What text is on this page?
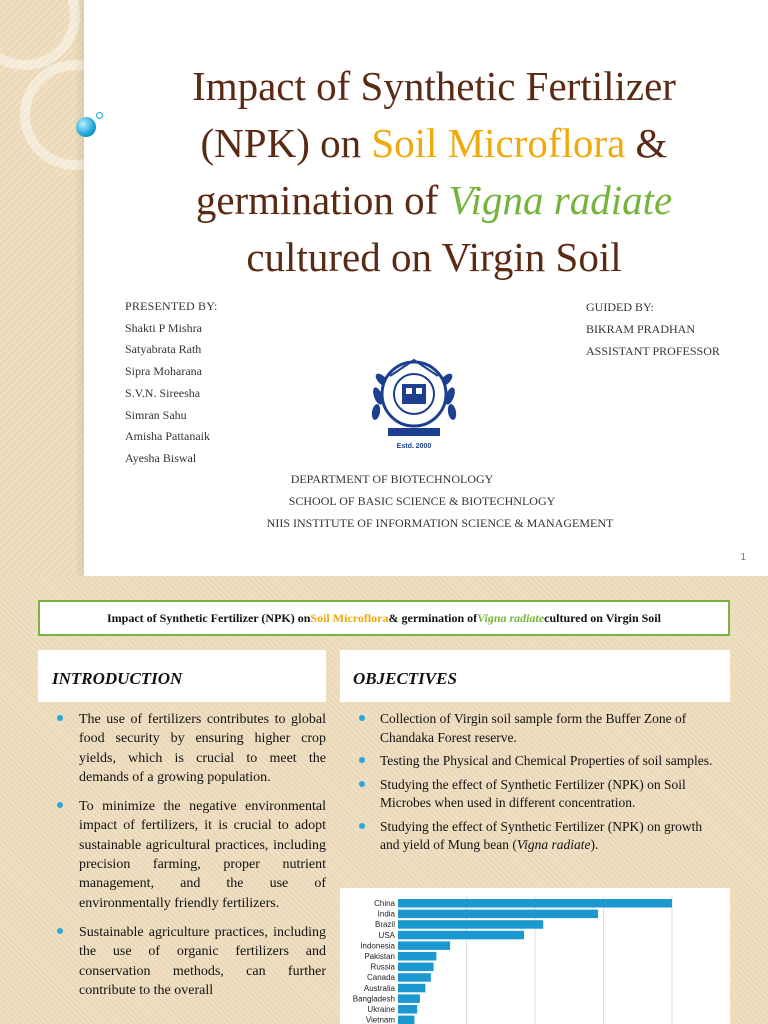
Impact of Synthetic Fertilizer
(NPK) on Soil Microflora &
germination of Vigna radiate
cultured on Virgin Soil
PRESENTED BY:
Shakti P Mishra
Satyabrata Rath
Sipra Moharana
S.V.N. Sireesha
Simran Sahu
Amisha Pattanaik
Ayesha Biswal
GUIDED BY:
BIKRAM PRADHAN
ASSISTANT PROFESSOR
Estd. 2000
DEPARTMENT OF BIOTECHNOLOGY
SCHOOL OF BASIC SCIENCE & BIOTECHNLOGY
NIIS INSTITUTE OF INFORMATION SCIENCE & MANAGEMENT
1
Impact of Synthetic Fertilizer (NPK) on Soil Microflora & germination of Vigna radiate cultured on Virgin Soil
INTRODUCTION	OBJECTIVES
The use of fertilizers contributes to global food security by ensuring higher crop yields, which is crucial to meet the demands of a growing population.
To minimize the negative environmental impact of fertilizers, it is crucial to adopt sustainable agricultural practices, including precision farming, proper nutrient management, and the use of environmentally friendly fertilizers.
Sustainable agriculture practices, including the use of organic fertilizers and conservation methods, can further contribute to the overall
Collection of Virgin soil sample form the Buffer Zone of Chandaka Forest reserve.
Testing the Physical and Chemical Properties of soil samples.
Studying the effect of Synthetic Fertilizer (NPK) on Soil Microbes when used in different concentration.
Studying the effect of Synthetic Fertilizer (NPK) on growth and yield of Mung bean (Vigna radiate).
China
India
Brazil
USA
Indonesia
Pakistan
Russia
Canada
Australia
Bangladesh
Ukraine
Vietnam
